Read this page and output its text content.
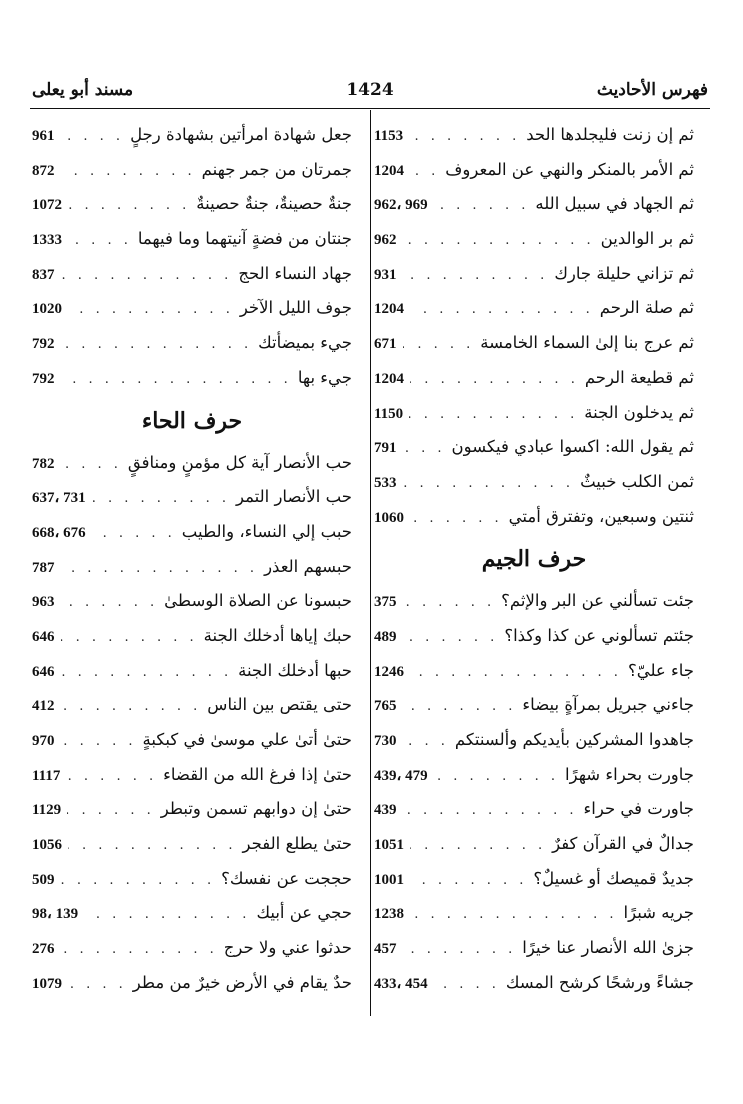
فهرس الأحاديث
1424
مسند أبو يعلى
ثم إن زنت فليجلدها الحد
. . .
1153
ثم الأمر بالمنكر والنهي عن المعروف
. . .
1204
ثم الجهاد في سبيل الله
. . .
962، 969
ثم بر الوالدين
. . .
962
ثم تزاني حليلة جارك
. . .
931
ثم صلة الرحم
. . .
1204
ثم عرج بنا إلىٰ السماء الخامسة
. . .
671
ثم قطيعة الرحم
. . .
1204
ثم يدخلون الجنة
. . .
1150
ثم يقول الله: اكسوا عبادي فيكسون
. . .
791
ثمن الكلب خبيثٌ
. . .
533
ثنتين وسبعين، وتفترق أمتي
. . .
1060
حرف الجيم
جئت تسألني عن البر والإثم؟
. . .
375
جئتم تسألوني عن كذا وكذا؟
. . .
489
جاء عليّ؟
. . .
1246
جاءني جبريل بمرآةٍ بيضاء
. . .
765
جاهدوا المشركين بأيديكم وألسنتكم
. . .
730
جاورت بحراء شهرًا
. . .
439، 479
جاورت في حراء
. . .
439
جدالٌ في القرآن كفرٌ
. . .
1051
جديدٌ قميصك أو غسيلٌ؟
. . .
1001
جريه شبرًا
. . .
1238
جزىٰ الله الأنصار عنا خيرًا
. . .
457
جشاءً ورشحًا كرشح المسك
. . .
433، 454
جعل شهادة امرأتين بشهادة رجلٍ
. . .
961
جمرتان من جمر جهنم
. . .
872
جنةٌ حصينةٌ، جنةٌ حصينةٌ
. . .
1072
جنتان من فضةٍ آنيتهما وما فيهما
. . .
1333
جهاد النساء الحج
. . .
837
جوف الليل الآخر
. . .
1020
جيء بميضأتك
. . .
792
جيء بها
. . .
792
حرف الحاء
حب الأنصار آية كل مؤمنٍ ومنافقٍ
. . .
782
حب الأنصار التمر
. . .
637، 731
حبب إلي النساء، والطيب
. . .
668، 676
حبسهم العذر
. . .
787
حبسونا عن الصلاة الوسطىٰ
. . .
963
حبك إياها أدخلك الجنة
. . .
646
حبها أدخلك الجنة
. . .
646
حتى يقتص بين الناس
. . .
412
حتىٰ أتىٰ علي موسىٰ في كبكبةٍ
. . .
970
حتىٰ إذا فرغ الله من القضاء
. . .
1117
حتىٰ إن دوابهم تسمن وتبطر
. . .
1129
حتىٰ يطلع الفجر
. . .
1056
حججت عن نفسك؟
. . .
509
حجي عن أبيك
. . .
98، 139
حدثوا عني ولا حرج
. . .
276
حدٌ يقام في الأرض خيرٌ من مطر
. . .
1079
